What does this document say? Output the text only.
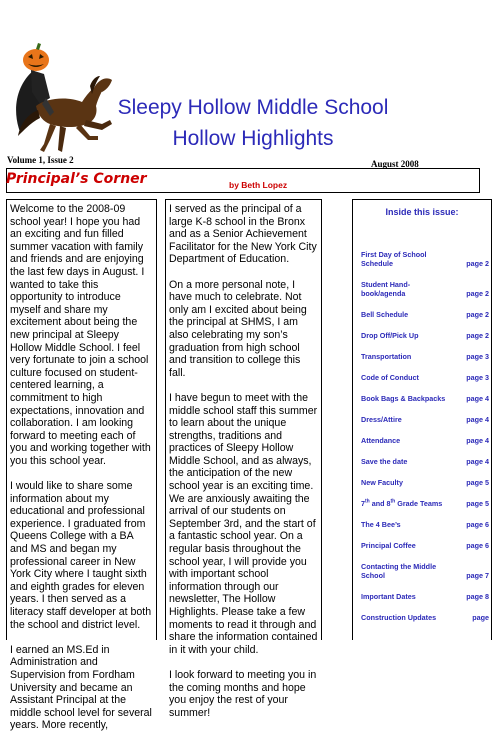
Sleepy Hollow Middle School
Hollow Highlights
Volume 1, Issue 2	August 2008
Principal’s Corner	by Beth Lopez

Welcome to the 2008-09 school year! I hope you had an exciting and fun filled summer vacation with family and friends and are enjoying the last few days in August. I wanted to take this opportunity to introduce myself and share my excitement about being the new principal at Sleepy Hollow Middle School. I feel very fortunate to join a school culture focused on student-centered learning, a commitment to high expectations, innovation and collaboration. I am looking forward to meeting each of you and working together with you this school year.

I would like to share some information about my educational and professional experience. I graduated from Queens College with a BA and MS and began my professional career in New York City where I taught sixth and eighth grades for eleven years. I then served as a literacy staff developer at both the school and district level.

I earned an MS.Ed in Administration and Supervision from Fordham University and became an Assistant Principal at the middle school level for several years. More recently,

I served as the principal of a large K-8 school in the Bronx and as a Senior Achievement Facilitator for the New York City Department of Education.

On a more personal note, I have much to celebrate. Not only am I excited about being the principal at SHMS, I am also celebrating my son’s graduation from high school and transition to college this fall.

I have begun to meet with the middle school staff this summer to learn about the unique strengths, traditions and practices of Sleepy Hollow Middle School, and as always, the anticipation of the new school year is an exciting time. We are anxiously awaiting the arrival of our students on September 3rd, and the start of a fantastic school year. On a regular basis throughout the school year, I will provide you with important school information through our newsletter, The Hollow Highlights. Please take a few moments to read it through and share the information contained in it with your child.

I look forward to meeting you in the coming months and hope you enjoy the rest of your summer!

Inside this issue:
First Day of School Schedule	page 2
Student Hand-book/agenda	page 2
Bell Schedule	page 2
Drop Off/Pick Up	page 2
Transportation	page 3
Code of Conduct	page 3
Book Bags & Backpacks	page 4
Dress/Attire	page 4
Attendance	page 4
Save the date	page 4
New Faculty	page 5
7th and 8th Grade Teams	page 5
The 4 Bee’s	page 6
Principal Coffee	page 6
Contacting the Middle School	page 7
Important Dates	page 8
Construction Updates	page
